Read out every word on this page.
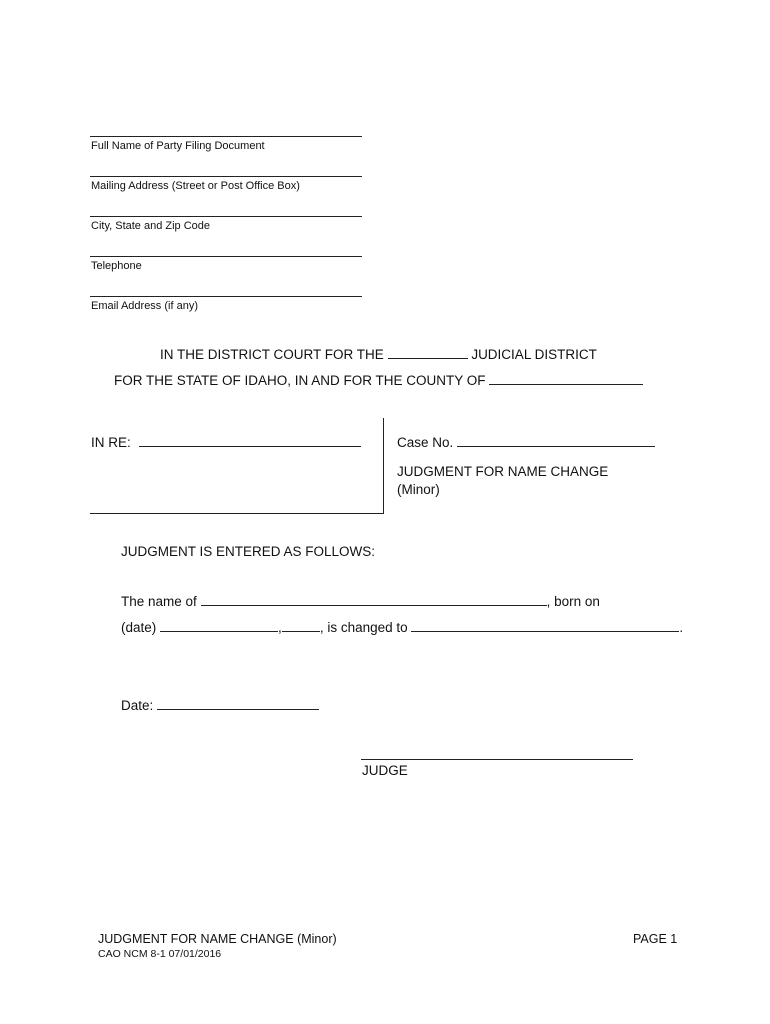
Full Name of Party Filing Document
Mailing Address (Street or Post Office Box)
City, State and Zip Code
Telephone
Email Address (if any)
IN THE DISTRICT COURT FOR THE	JUDICIAL DISTRICT
FOR THE STATE OF IDAHO, IN AND FOR THE COUNTY OF
IN RE:	Case No.
JUDGMENT FOR NAME CHANGE
(Minor)
JUDGMENT IS ENTERED AS FOLLOWS:
The name of	, born on
(date)	,	, is changed to	.
Date:
JUDGE
JUDGMENT FOR NAME CHANGE (Minor)
CAO NCM 8-1 07/01/2016
PAGE 1
